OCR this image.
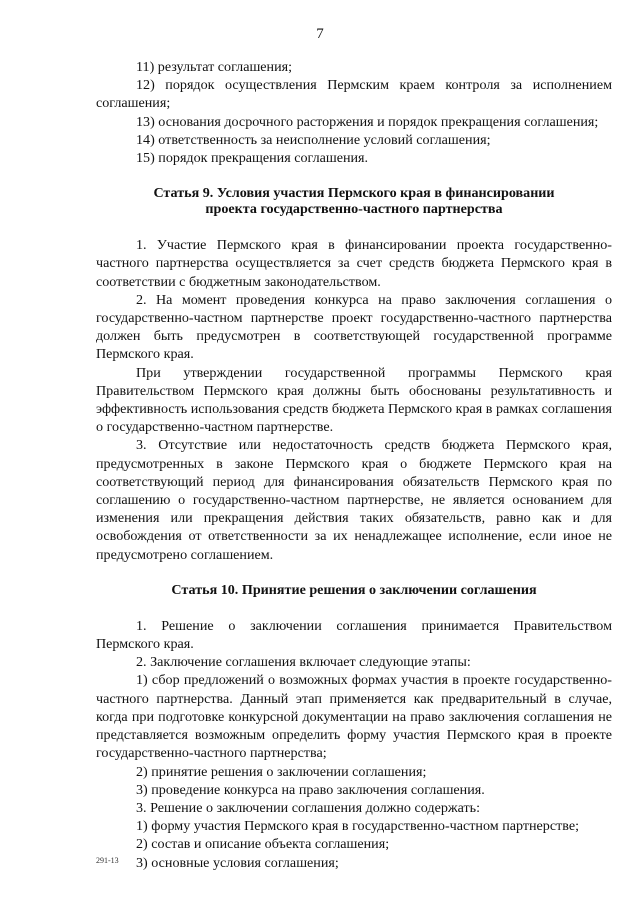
7

11) результат соглашения;

12) порядок осуществления Пермским краем контроля за исполнением соглашения;

13) основания досрочного расторжения и порядок прекращения соглашения;

14) ответственность за неисполнение условий соглашения;

15) порядок прекращения соглашения.

Статья 9. Условия участия Пермского края в финансировании

проекта государственно-частного партнерства

1. Участие Пермского края в финансировании проекта государственно-частного партнерства осуществляется за счет средств бюджета Пермского края в соответствии с бюджетным законодательством.

2. На момент проведения конкурса на право заключения соглашения о государственно-частном партнерстве проект государственно-частного партнерства должен быть предусмотрен в соответствующей государственной программе Пермского края.

При утверждении государственной программы Пермского края Правительством Пермского края должны быть обоснованы результативность и эффективность использования средств бюджета Пермского края в рамках соглашения о государственно-частном партнерстве.

3. Отсутствие или недостаточность средств бюджета Пермского края, предусмотренных в законе Пермского края о бюджете Пермского края на соответствующий период для финансирования обязательств Пермского края по соглашению о государственно-частном партнерстве, не является основанием для изменения или прекращения действия таких обязательств, равно как и для освобождения от ответственности за их ненадлежащее исполнение, если иное не предусмотрено соглашением.

Статья 10. Принятие решения о заключении соглашения

1. Решение о заключении соглашения принимается Правительством Пермского края.

2. Заключение соглашения включает следующие этапы:

1) сбор предложений о возможных формах участия в проекте государственно-частного партнерства. Данный этап применяется как предварительный в случае, когда при подготовке конкурсной документации на право заключения соглашения не представляется возможным определить форму участия Пермского края в проекте государственно-частного партнерства;

2) принятие решения о заключении соглашения;

3) проведение конкурса на право заключения соглашения.

3. Решение о заключении соглашения должно содержать:

1) форму участия Пермского края в государственно-частном партнерстве;

2) состав и описание объекта соглашения;

3) основные условия соглашения;

291-13
